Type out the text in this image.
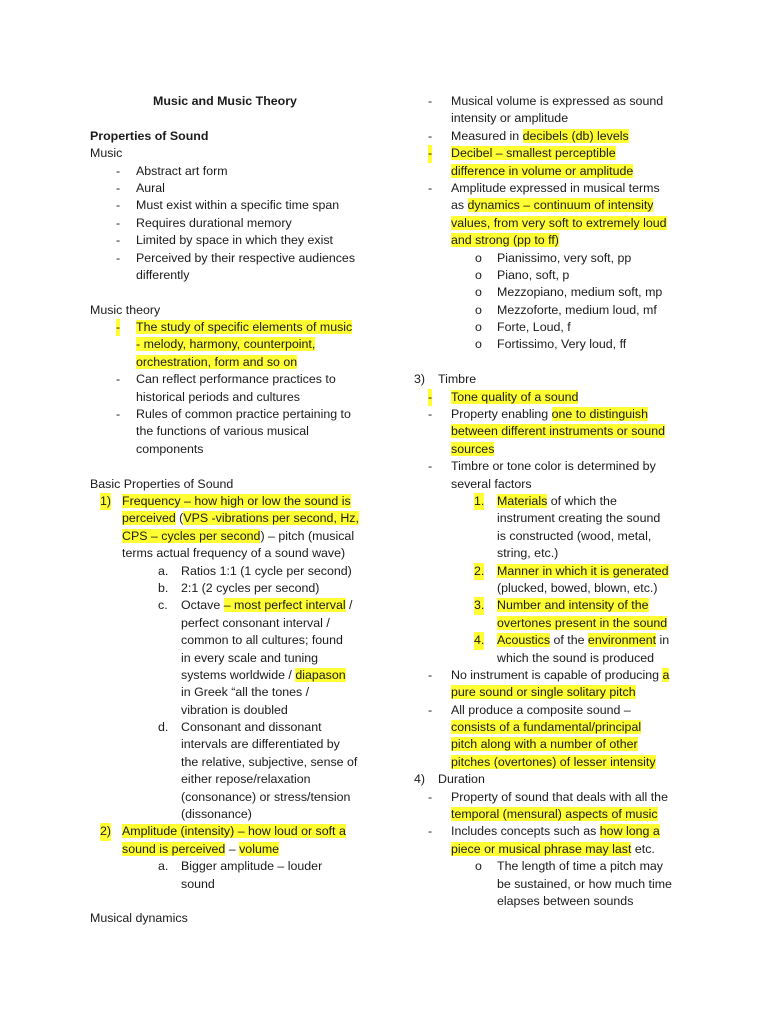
Music and Music Theory
Properties of Sound
Music
- Abstract art form
- Aural
- Must exist within a specific time span
- Requires durational memory
- Limited by space in which they exist
- Perceived by their respective audiences
differently
Music theory
- The study of specific elements of music
- melody, harmony, counterpoint,
orchestration, form and so on
- Can reflect performance practices to
historical periods and cultures
- Rules of common practice pertaining to
the functions of various musical
components
Basic Properties of Sound
1) Frequency – how high or low the sound is
perceived (VPS -vibrations per second, Hz,
CPS – cycles per second) – pitch (musical
terms actual frequency of a sound wave)
a. Ratios 1:1 (1 cycle per second)
b. 2:1 (2 cycles per second)
c. Octave – most perfect interval /
perfect consonant interval /
common to all cultures; found
in every scale and tuning
systems worldwide / diapason
in Greek “all the tones /
vibration is doubled
d. Consonant and dissonant
intervals are differentiated by
the relative, subjective, sense of
either repose/relaxation
(consonance) or stress/tension
(dissonance)
2) Amplitude (intensity) – how loud or soft a
sound is perceived – volume
a. Bigger amplitude – louder
sound
Musical dynamics
- Musical volume is expressed as sound
intensity or amplitude
- Measured in decibels (db) levels
- Decibel – smallest perceptible
difference in volume or amplitude
- Amplitude expressed in musical terms
as dynamics – continuum of intensity
values, from very soft to extremely loud
and strong (pp to ff)
o Pianissimo, very soft, pp
o Piano, soft, p
o Mezzopiano, medium soft, mp
o Mezzoforte, medium loud, mf
o Forte, Loud, f
o Fortissimo, Very loud, ff
3) Timbre
- Tone quality of a sound
- Property enabling one to distinguish
between different instruments or sound
sources
- Timbre or tone color is determined by
several factors
1. Materials of which the
instrument creating the sound
is constructed (wood, metal,
string, etc.)
2. Manner in which it is generated
(plucked, bowed, blown, etc.)
3. Number and intensity of the
overtones present in the sound
4. Acoustics of the environment in
which the sound is produced
- No instrument is capable of producing a
pure sound or single solitary pitch
- All produce a composite sound –
consists of a fundamental/principal
pitch along with a number of other
pitches (overtones) of lesser intensity
4) Duration
- Property of sound that deals with all the
temporal (mensural) aspects of music
- Includes concepts such as how long a
piece or musical phrase may last etc.
o The length of time a pitch may
be sustained, or how much time
elapses between sounds
